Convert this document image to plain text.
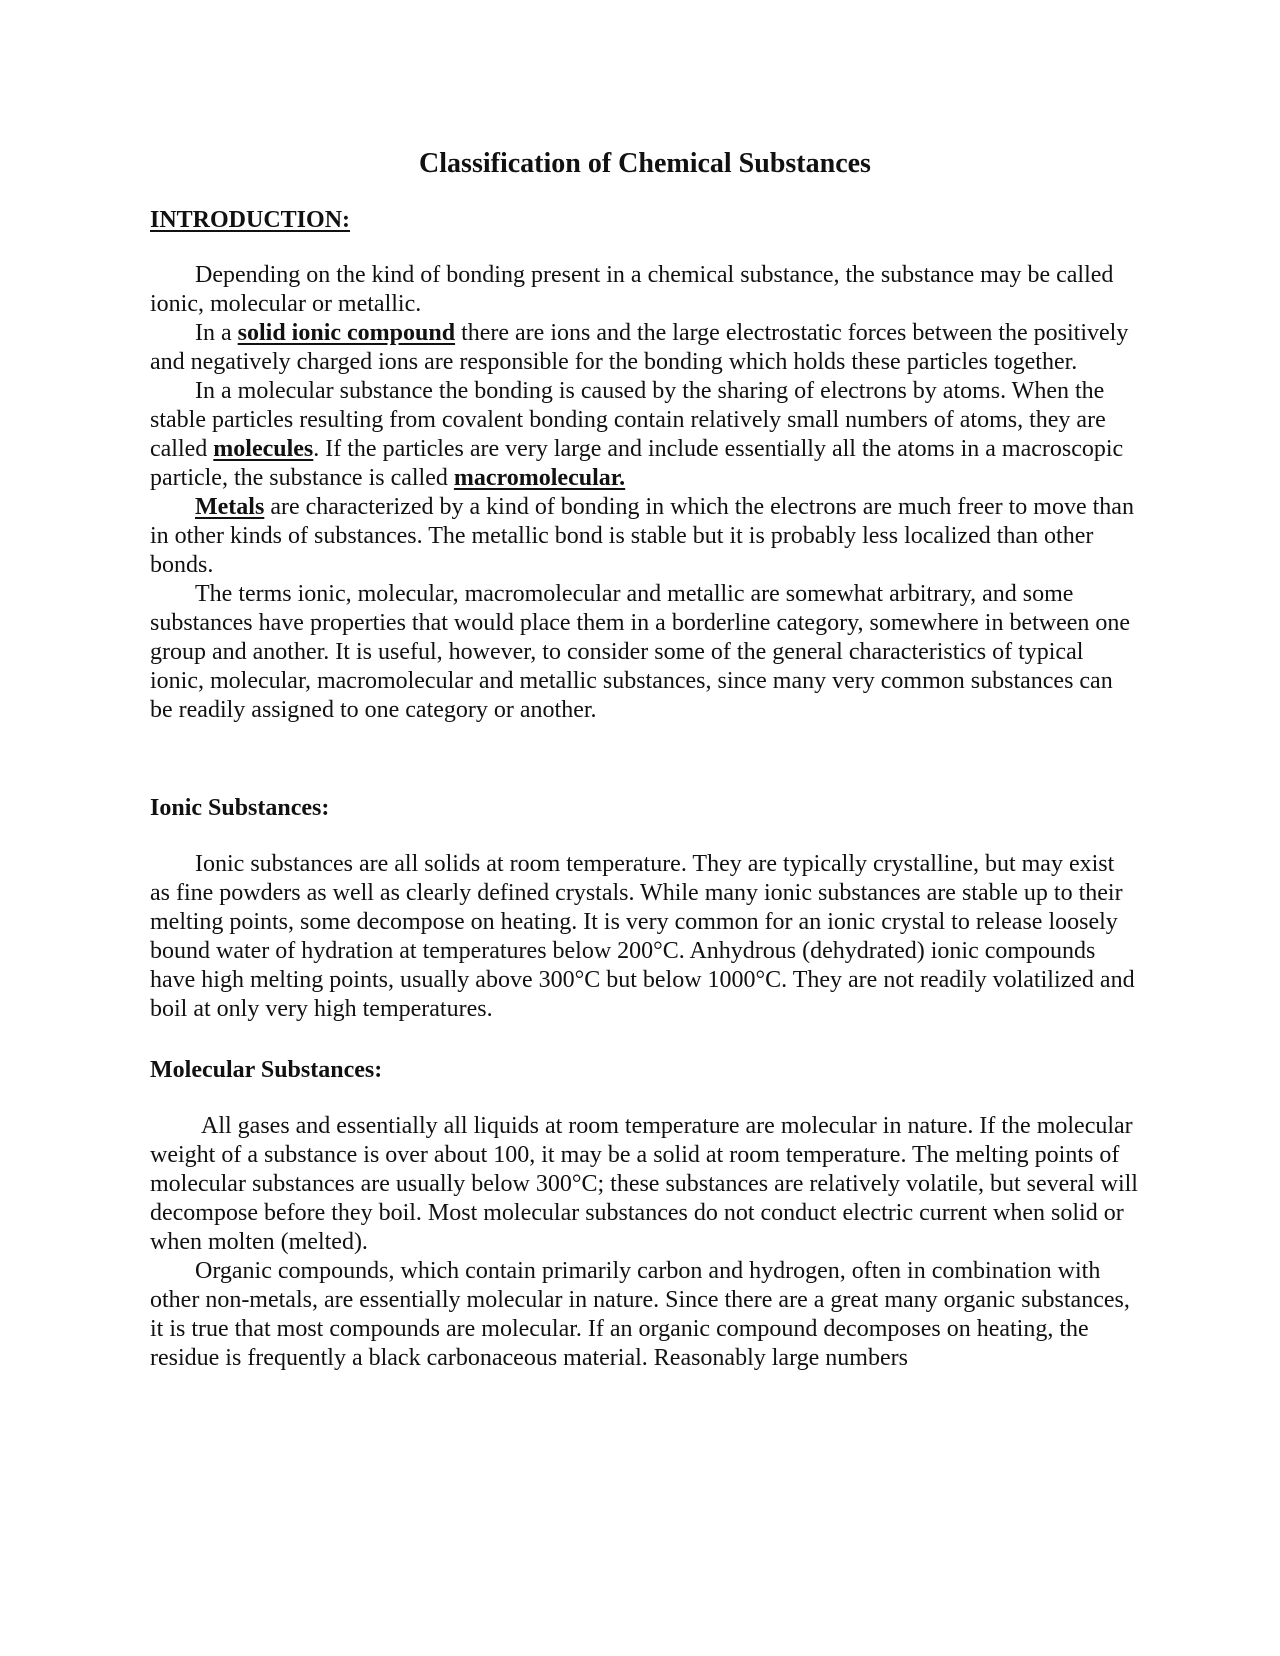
Classification of Chemical Substances
INTRODUCTION:

Depending on the kind of bonding present in a chemical substance, the substance may be called ionic, molecular or metallic.

In a solid ionic compound there are ions and the large electrostatic forces between the positively and negatively charged ions are responsible for the bonding which holds these particles together.

In a molecular substance the bonding is caused by the sharing of electrons by atoms. When the stable particles resulting from covalent bonding contain relatively small numbers of atoms, they are called molecules. If the particles are very large and include essentially all the atoms in a macroscopic particle, the substance is called macromolecular.

Metals are characterized by a kind of bonding in which the electrons are much freer to move than in other kinds of substances. The metallic bond is stable but it is probably less localized than other bonds.

The terms ionic, molecular, macromolecular and metallic are somewhat arbitrary, and some substances have properties that would place them in a borderline category, somewhere in between one group and another. It is useful, however, to consider some of the general characteristics of typical ionic, molecular, macromolecular and metallic substances, since many very common substances can be readily assigned to one category or another.

Ionic Substances:

Ionic substances are all solids at room temperature. They are typically crystalline, but may exist as fine powders as well as clearly defined crystals. While many ionic substances are stable up to their melting points, some decompose on heating. It is very common for an ionic crystal to release loosely bound water of hydration at temperatures below 200°C. Anhydrous (dehydrated) ionic compounds have high melting points, usually above 300°C but below 1000°C. They are not readily volatilized and boil at only very high temperatures.

Molecular Substances:

All gases and essentially all liquids at room temperature are molecular in nature. If the molecular weight of a substance is over about 100, it may be a solid at room temperature. The melting points of molecular substances are usually below 300°C; these substances are relatively volatile, but several will decompose before they boil. Most molecular substances do not conduct electric current when solid or when molten (melted).

Organic compounds, which contain primarily carbon and hydrogen, often in combination with other non-metals, are essentially molecular in nature. Since there are a great many organic substances, it is true that most compounds are molecular. If an organic compound decomposes on heating, the residue is frequently a black carbonaceous material. Reasonably large numbers
